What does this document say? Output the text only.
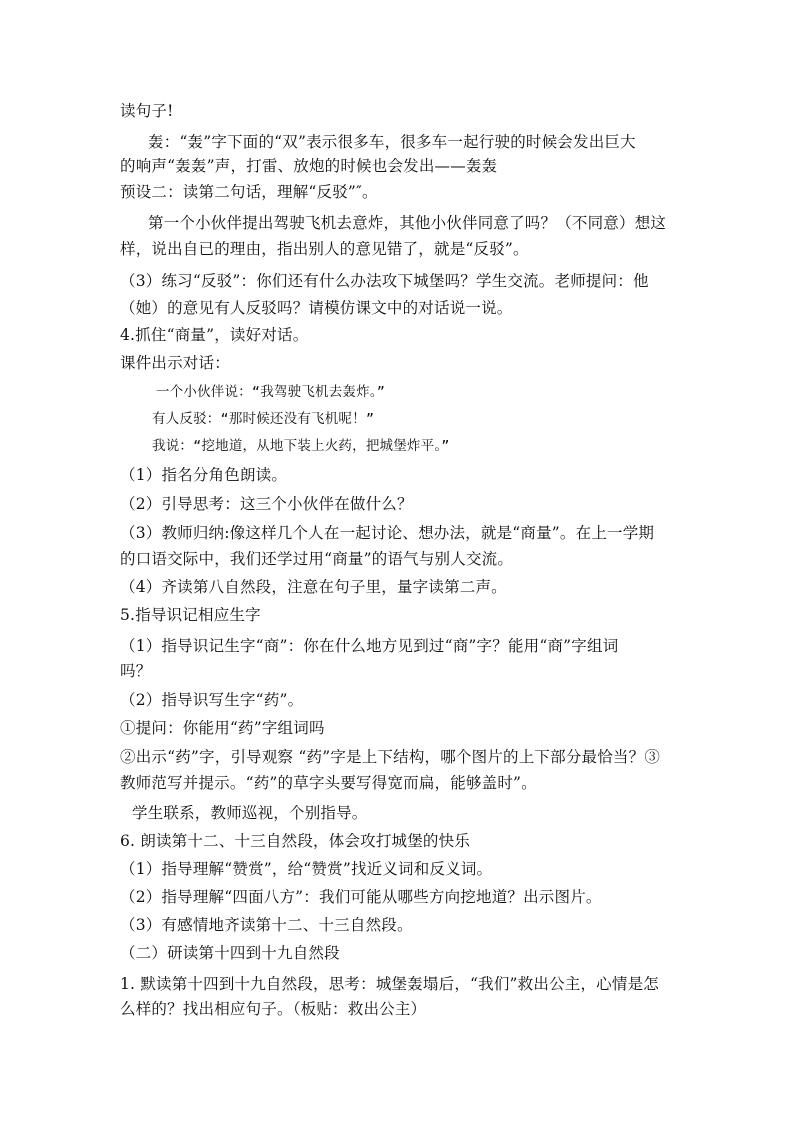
读句子!
轰：“轰”字下面的“双”表示很多车，很多车一起行驶的时候会发出巨大
的响声“轰轰”声，打雷、放炮的时候也会发出——轰轰
预设二：读第二句话，理解“反驳”″。
第一个小伙伴提出驾驶飞机去意炸，其他小伙伴同意了吗？（不同意）想这
样，说出自已的理由，指出别人的意见错了，就是“反驳”。
（3）练习“反驳”：你们还有什么办法攻下城堡吗？学生交流。老师提问：他
（她）的意见有人反驳吗？请模仿课文中的对话说一说。
4.抓住“商量”，读好对话。
课件出示对话：
一个小伙伴说：“我驾驶飞机去轰炸。”
有人反驳：“那时候还没有飞机呢！”
我说：“挖地道，从地下装上火药，把城堡炸平。”
（1）指名分角色朗读。
（2）引导思考：这三个小伙伴在做什么？
（3）教师归纳:像这样几个人在一起讨论、想办法，就是“商量”。在上一学期
的口语交际中，我们还学过用“商量”的语气与别人交流。
（4）齐读第八自然段，注意在句子里，量字读第二声。
5.指导识记相应生字
（1）指导识记生字“商”：你在什么地方见到过“商”字？能用“商”字组词
吗？
（2）指导识写生字“药”。
①提问：你能用“药”字组词吗
②出示“药”字，引导观察 “药”字是上下结构，哪个图片的上下部分最恰当？③
教师范写并提示。“药”的草字头要写得宽而扁，能够盖时”。
学生联系，教师巡视，个别指导。
6. 朗读第十二、十三自然段，体会攻打城堡的快乐
（1）指导理解“赞赏”，给“赞赏”找近义词和反义词。
（2）指导理解“四面八方”：我们可能从哪些方向挖地道？出示图片。
（3）有感情地齐读第十二、十三自然段。
（二）研读第十四到十九自然段
1. 默读第十四到十九自然段，思考：城堡轰塌后，“我们”救出公主，心情是怎
么样的？找出相应句子。（板贴：救出公主）
